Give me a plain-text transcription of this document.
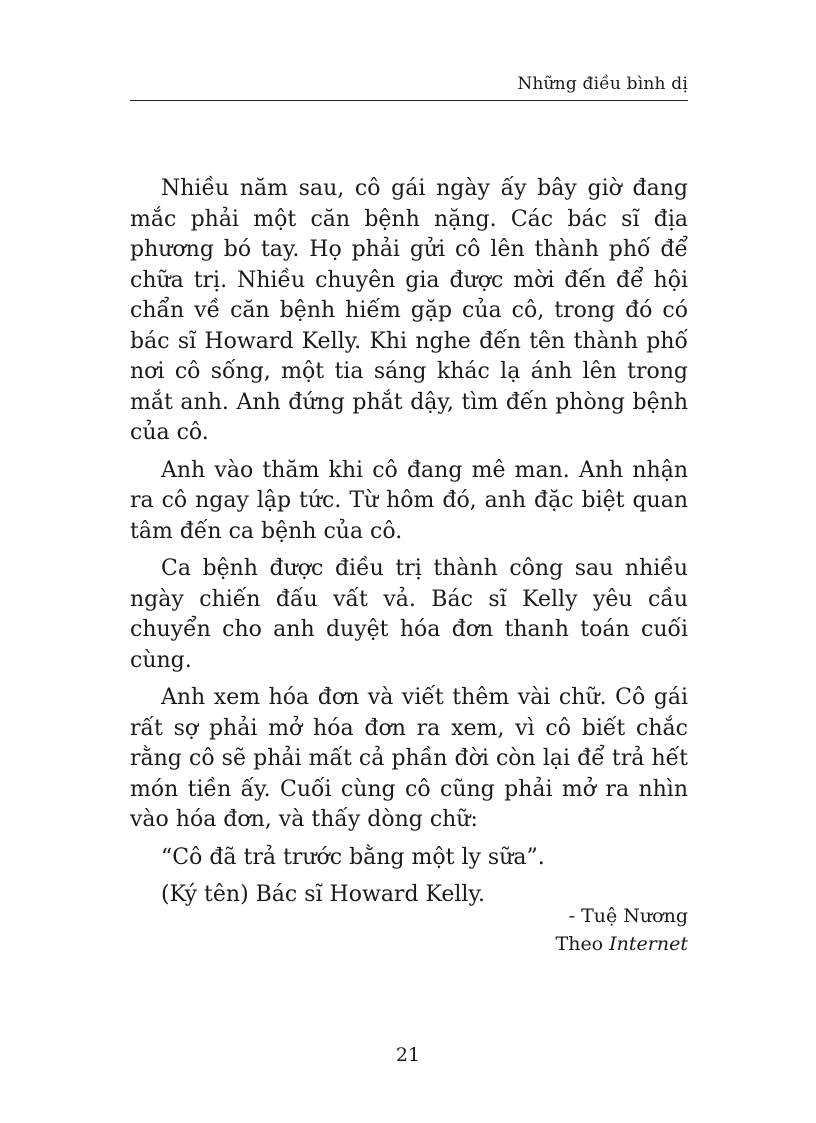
Những điều bình dị

Nhiều năm sau, cô gái ngày ấy bây giờ đang mắc phải một căn bệnh nặng. Các bác sĩ địa phương bó tay. Họ phải gửi cô lên thành phố để chữa trị. Nhiều chuyên gia được mời đến để hội chẩn về căn bệnh hiếm gặp của cô, trong đó có bác sĩ Howard Kelly. Khi nghe đến tên thành phố nơi cô sống, một tia sáng khác lạ ánh lên trong mắt anh. Anh đứng phắt dậy, tìm đến phòng bệnh của cô.

Anh vào thăm khi cô đang mê man. Anh nhận ra cô ngay lập tức. Từ hôm đó, anh đặc biệt quan tâm đến ca bệnh của cô.

Ca bệnh được điều trị thành công sau nhiều ngày chiến đấu vất vả. Bác sĩ Kelly yêu cầu chuyển cho anh duyệt hóa đơn thanh toán cuối cùng.

Anh xem hóa đơn và viết thêm vài chữ. Cô gái rất sợ phải mở hóa đơn ra xem, vì cô biết chắc rằng cô sẽ phải mất cả phần đời còn lại để trả hết món tiền ấy. Cuối cùng cô cũng phải mở ra nhìn vào hóa đơn, và thấy dòng chữ:

“Cô đã trả trước bằng một ly sữa”.

(Ký tên) Bác sĩ Howard Kelly.

- Tuệ Nương
Theo Internet
21
